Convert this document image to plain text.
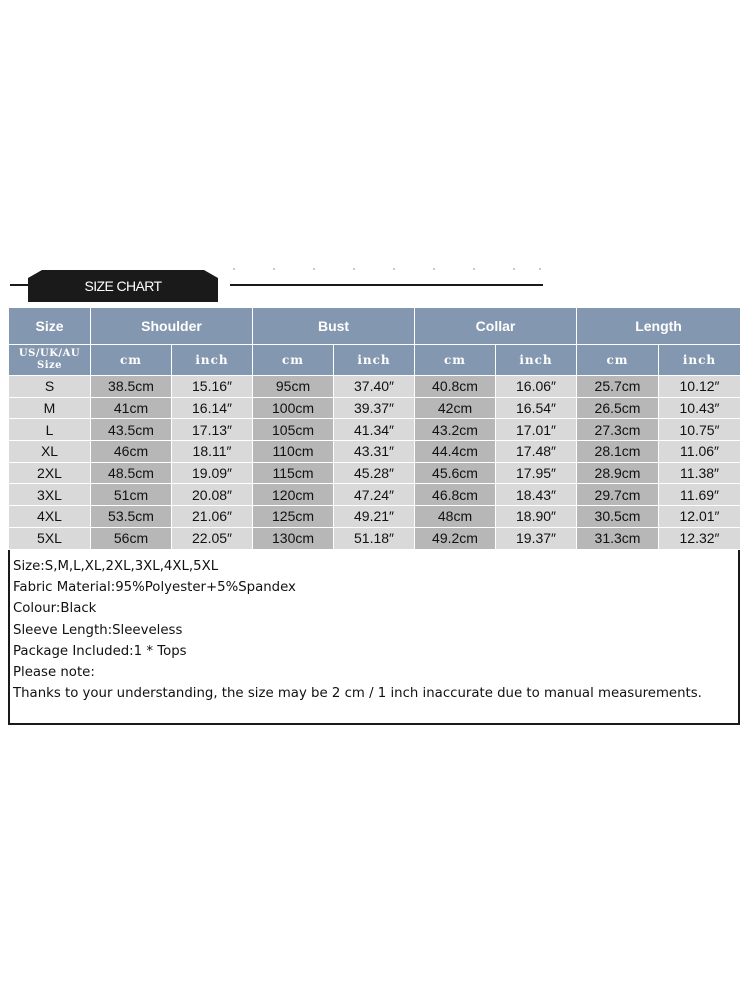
SIZE CHART
Size	Shoulder		Bust		Collar		Length	

US/UK/AU
Size	cm	inch	cm	inch	cm	inch	cm	inch
S	38.5cm	15.16″	95cm	37.40″	40.8cm	16.06″	25.7cm	10.12″
M	41cm	16.14″	100cm	39.37″	42cm	16.54″	26.5cm	10.43″
L	43.5cm	17.13″	105cm	41.34″	43.2cm	17.01″	27.3cm	10.75″
XL	46cm	18.11″	110cm	43.31″	44.4cm	17.48″	28.1cm	11.06″
2XL	48.5cm	19.09″	115cm	45.28″	45.6cm	17.95″	28.9cm	11.38″
3XL	51cm	20.08″	120cm	47.24″	46.8cm	18.43″	29.7cm	11.69″
4XL	53.5cm	21.06″	125cm	49.21″	48cm	18.90″	30.5cm	12.01″
5XL	56cm	22.05″	130cm	51.18″	49.2cm	19.37″	31.3cm	12.32″
Size:S,M,L,XL,2XL,3XL,4XL,5XL
Fabric Material:95%Polyester+5%Spandex
Colour:Black
Sleeve Length:Sleeveless
Package Included:1 * Tops
Please note:
Thanks to your understanding, the size may be 2 cm / 1 inch inaccurate due to manual measurements.
